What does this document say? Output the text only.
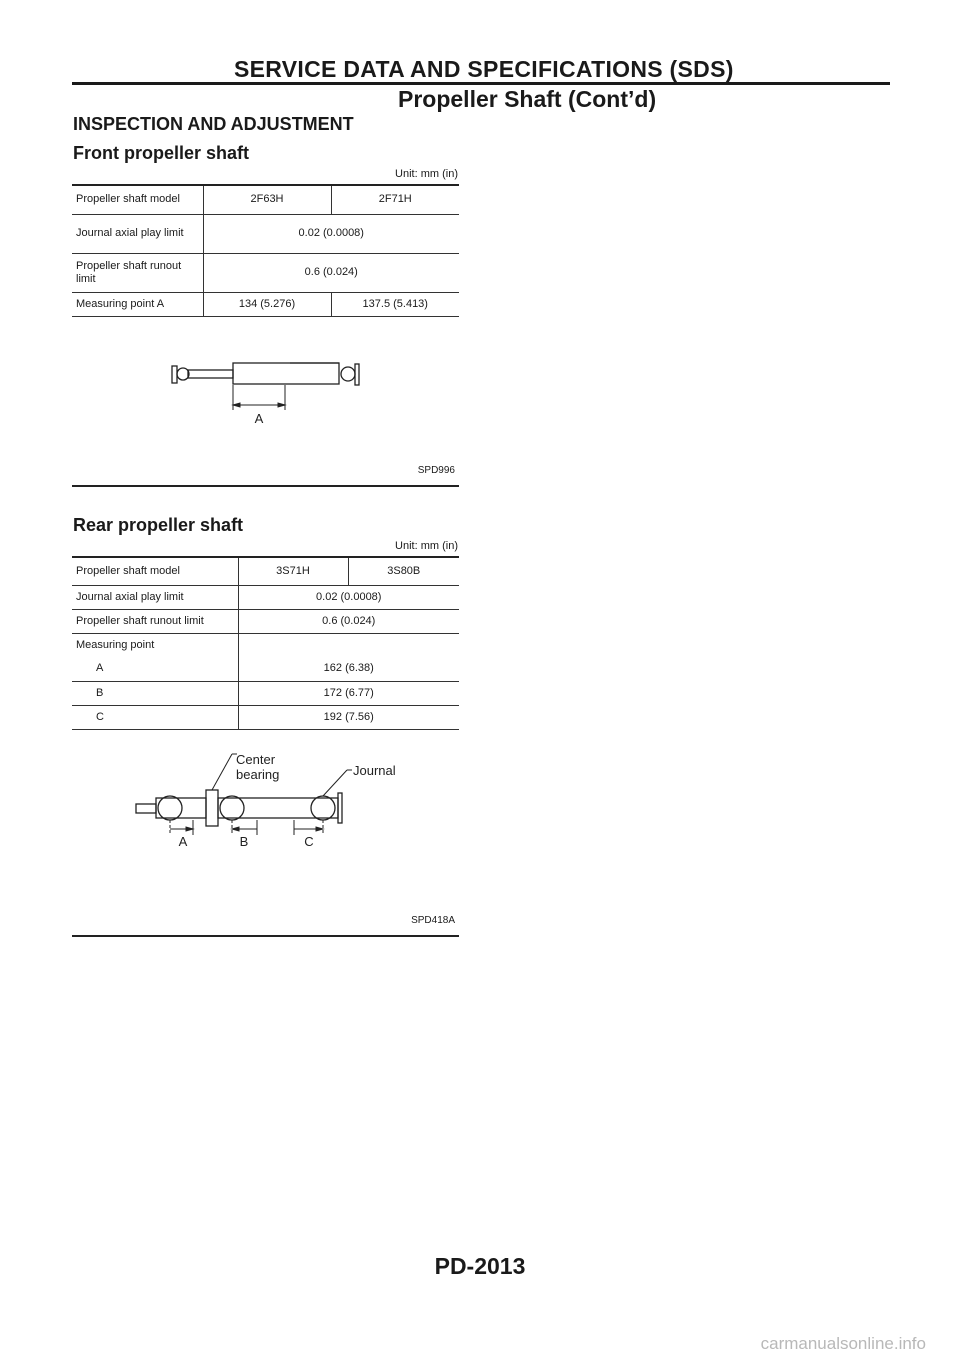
SERVICE DATA AND SPECIFICATIONS (SDS)
Propeller Shaft (Cont’d)
INSPECTION AND ADJUSTMENT
Front propeller shaft
Unit: mm (in)
Propeller shaft model	2F63H	2F71H
Journal axial play limit	0.02 (0.0008)	
Propeller shaft runout limit	0.6 (0.024)	
Measuring point A	134 (5.276)	137.5 (5.413)
A
SPD996
Rear propeller shaft
Unit: mm (in)
Propeller shaft model	3S71H	3S80B
Journal axial play limit	0.02 (0.0008)	
Propeller shaft runout limit	0.6 (0.024)	
Measuring point		
A	162 (6.38)	
B	172 (6.77)	
C	192 (7.56)	
Center
bearing	Journal
A	B	C
SPD418A
PD-2013
carmanualsonline.info
